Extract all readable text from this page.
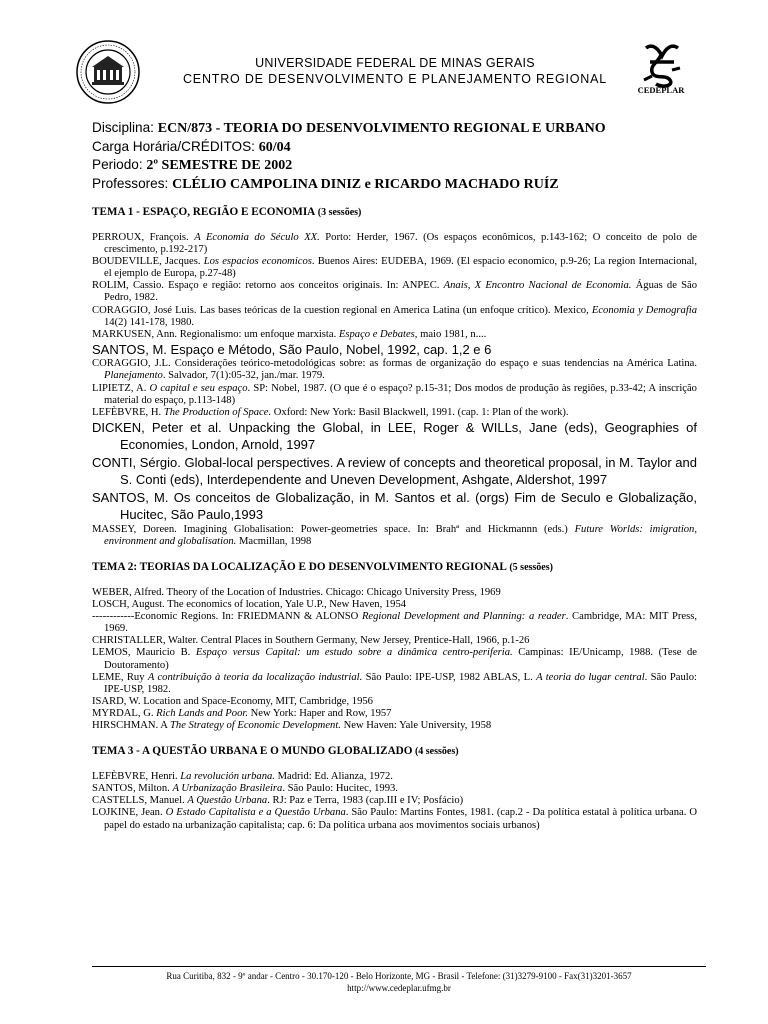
UNIVERSIDADE FEDERAL DE MINAS GERAIS
CENTRO DE DESENVOLVIMENTO E PLANEJAMENTO REGIONAL
CEDEPLAR
Disciplina: ECN/873 - TEORIA DO DESENVOLVIMENTO REGIONAL E URBANO
Carga Horária/CRÉDITOS: 60/04
Periodo: 2º SEMESTRE DE 2002
Professores: CLÉLIO CAMPOLINA DINIZ e RICARDO MACHADO RUÍZ
TEMA 1 - ESPAÇO, REGIÃO E ECONOMIA (3 sessões)
PERROUX, François. A Economia do Século XX. Porto: Herder, 1967. (Os espaços econômicos, p.143-162; O conceito de polo de crescimento, p.192-217)
BOUDEVILLE, Jacques. Los espacios economicos. Buenos Aires: EUDEBA, 1969. (El espacio economico, p.9-26; La region Internacional, el ejemplo de Europa, p.27-48)
ROLIM, Cassio. Espaço e região: retorno aos conceitos originais. In: ANPEC. Anais, X Encontro Nacional de Economia. Águas de São Pedro, 1982.
CORAGGIO, José Luis. Las bases teóricas de la cuestion regional en America Latina (un enfoque crítico). Mexico, Economia y Demografia 14(2) 141-178, 1980.
MARKUSEN, Ann. Regionalismo: um enfoque marxista. Espaço e Debates, maio 1981, n....
SANTOS, M. Espaço e Método, São Paulo, Nobel, 1992, cap. 1,2 e 6
CORAGGIO, J.L. Considerações teórico-metodológicas sobre: as formas de organização do espaço e suas tendencias na América Latina. Planejamento. Salvador, 7(1):05-32, jan./mar. 1979.
LIPIETZ, A. O capital e seu espaço. SP: Nobel, 1987. (O que é o espaço? p.15-31; Dos modos de produção às regiões, p.33-42; A inscrição material do espaço, p.113-148)
LEFÈBVRE, H. The Production of Space. Oxford: New York: Basil Blackwell, 1991. (cap. 1: Plan of the work).
DICKEN, Peter et al. Unpacking the Global, in LEE, Roger & WILLs, Jane (eds), Geographies of Economies, London, Arnold, 1997
CONTI, Sérgio. Global-local perspectives. A review of concepts and theoretical proposal, in M. Taylor and S. Conti (eds), Interdependente and Uneven Development, Ashgate, Aldershot, 1997
SANTOS, M. Os conceitos de Globalização, in M. Santos et al. (orgs) Fim de Seculo e Globalização, Hucitec, São Paulo,1993
MASSEY, Doreen. Imagining Globalisation: Power-geometries space. In: Brahª and Hickmannn (eds.) Future Worlds: imigration, environment and globalisation. Macmillan, 1998
TEMA 2: TEORIAS DA LOCALIZAÇÃO E DO DESENVOLVIMENTO REGIONAL (5 sessões)
WEBER, Alfred. Theory of the Location of Industries. Chicago: Chicago University Press, 1969
LOSCH, August. The economics of location, Yale U.P., New Haven, 1954
------------Economic Regions. In: FRIEDMANN & ALONSO Regional Development and Planning: a reader. Cambridge, MA: MIT Press, 1969.
CHRISTALLER, Walter. Central Places in Southern Germany, New Jersey, Prentice-Hall, 1966, p.1-26
LEMOS, Mauricio B. Espaço versus Capital: um estudo sobre a dinâmica centro-periferia. Campinas: IE/Unicamp, 1988. (Tese de Doutoramento)
LEME, Ruy A contribuição à teoria da localização industrial. São Paulo: IPE-USP, 1982 ABLAS, L. A teoria do lugar central. São Paulo: IPE-USP, 1982.
ISARD, W. Location and Space-Economy, MIT, Cambridge, 1956
MYRDAL, G. Rich Lands and Poor. New York: Haper and Row, 1957
HIRSCHMAN. A The Strategy of Economic Development. New Haven: Yale University, 1958
TEMA 3 - A QUESTÃO URBANA E O MUNDO GLOBALIZADO (4 sessões)
LEFÈBVRE, Henri. La revolución urbana. Madrid: Ed. Alianza, 1972.
SANTOS, Milton. A Urbanização Brasileira. São Paulo: Hucitec, 1993.
CASTELLS, Manuel. A Questão Urbana. RJ: Paz e Terra, 1983 (cap.III e IV; Posfácio)
LOJKINE, Jean. O Estado Capitalista e a Questão Urbana. São Paulo: Martins Fontes, 1981. (cap.2 - Da política estatal à política urbana. O papel do estado na urbanização capitalista; cap. 6: Da política urbana aos movimentos sociais urbanos)
Rua Curitiba, 832 - 9º andar - Centro - 30.170-120 - Belo Horizonte, MG - Brasil - Telefone: (31)3279-9100 - Fax(31)3201-3657
http://www.cedeplar.ufmg.br
